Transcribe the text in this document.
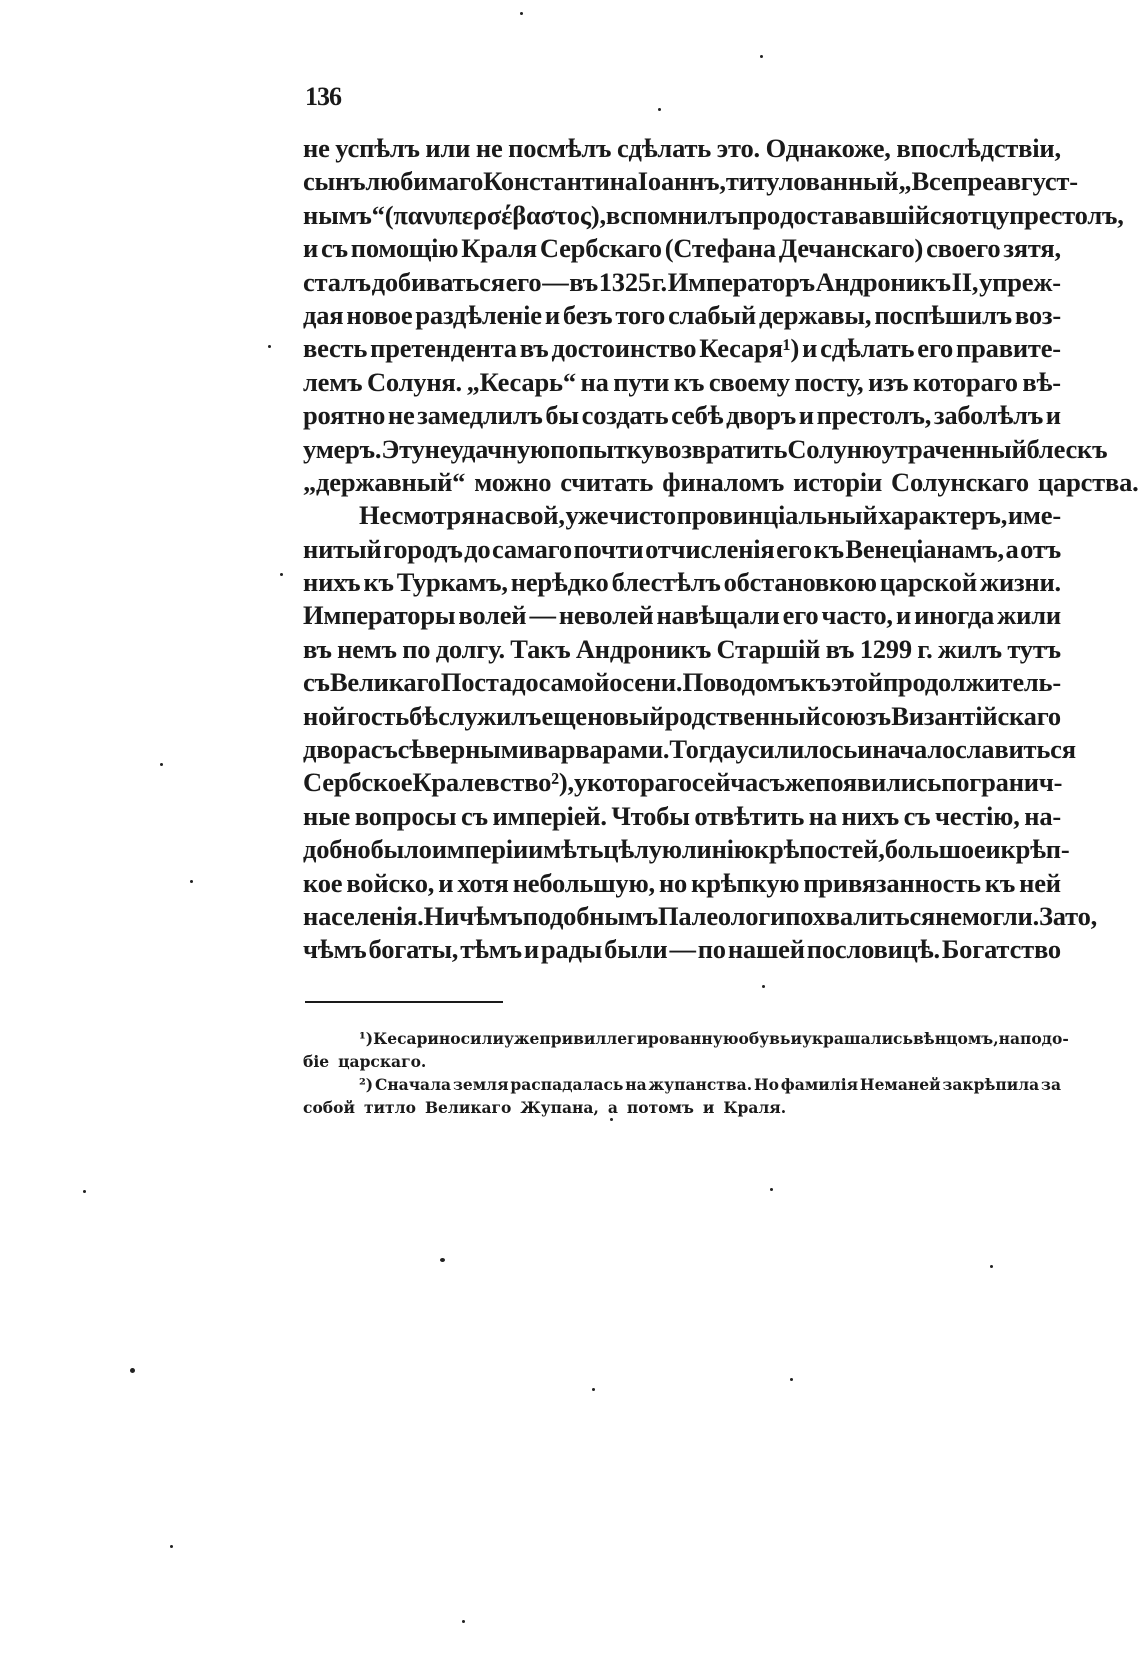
136
не успѣлъ или не посмѣлъ сдѣлать это. Однакоже, впослѣдствіи,
сынъ любимаго Константина Іоаннъ, титулованный „Всепреавгуст-
нымъ“ (πανυπερσέβαστος), вспомнилъ про достававшійся отцу престолъ,
и съ помощію Краля Сербскаго (Стефана Дечанскаго) своего зятя,
сталъ добиваться его — въ 1325 г. Императоръ Андроникъ II, упреж-
дая новое раздѣленіе и безъ того слабый державы, поспѣшилъ воз-
весть претендента въ достоинство Кесаря¹) и сдѣлать его правите-
лемъ Солуня. „Кесарь“ на пути къ своему посту, изъ котораго вѣ-
роятно не замедлилъ бы создать себѣ дворъ и престолъ, заболѣлъ и
умеръ. Эту неудачную попытку возвратить Солуню утраченный блескъ
„державный“ можно считать финаломъ исторіи Солунскаго царства.
Не смотря на свой, уже чисто провинціальный характеръ, име-
нитый городъ до самаго почти отчисленія его къ Венеціанамъ, а отъ
нихъ къ Туркамъ, нерѣдко блестѣлъ обстановкою царской жизни.
Императоры волей — неволей навѣщали его часто, и иногда жили
въ немъ по долгу. Такъ Андроникъ Старшій въ 1299 г. жилъ тутъ
съ Великаго Поста до самой осени. Поводомъ къ этой продолжитель-
ной гостьбѣ служилъ еще новый родственный союзъ Византійскаго
двора съ сѣверными варварами. Тогда усилилось и начало славиться
Сербское Кралевство²), у котораго сейчасъ же появились погранич-
ные вопросы съ имперіей. Чтобы отвѣтить на нихъ съ честію, на-
добно было имперіи имѣть цѣлую линію крѣпостей, большое и крѣп-
кое войско, и хотя небольшую, но крѣпкую привязанность къ ней
населенія. Ничѣмъ подобнымъ Палеологи похвалиться не могли. Зато,
чѣмъ богаты, тѣмъ и рады были — по нашей пословицѣ. Богатство
¹) Кесари носили уже привиллегированную обувь и украшались вѣнцомъ, на подо-
біе царскаго.
²) Сначала земля распадалась на жупанства. Но фамилія Неманей закрѣпила за
собой титло Великаго Жупана, а потомъ и Краля.
